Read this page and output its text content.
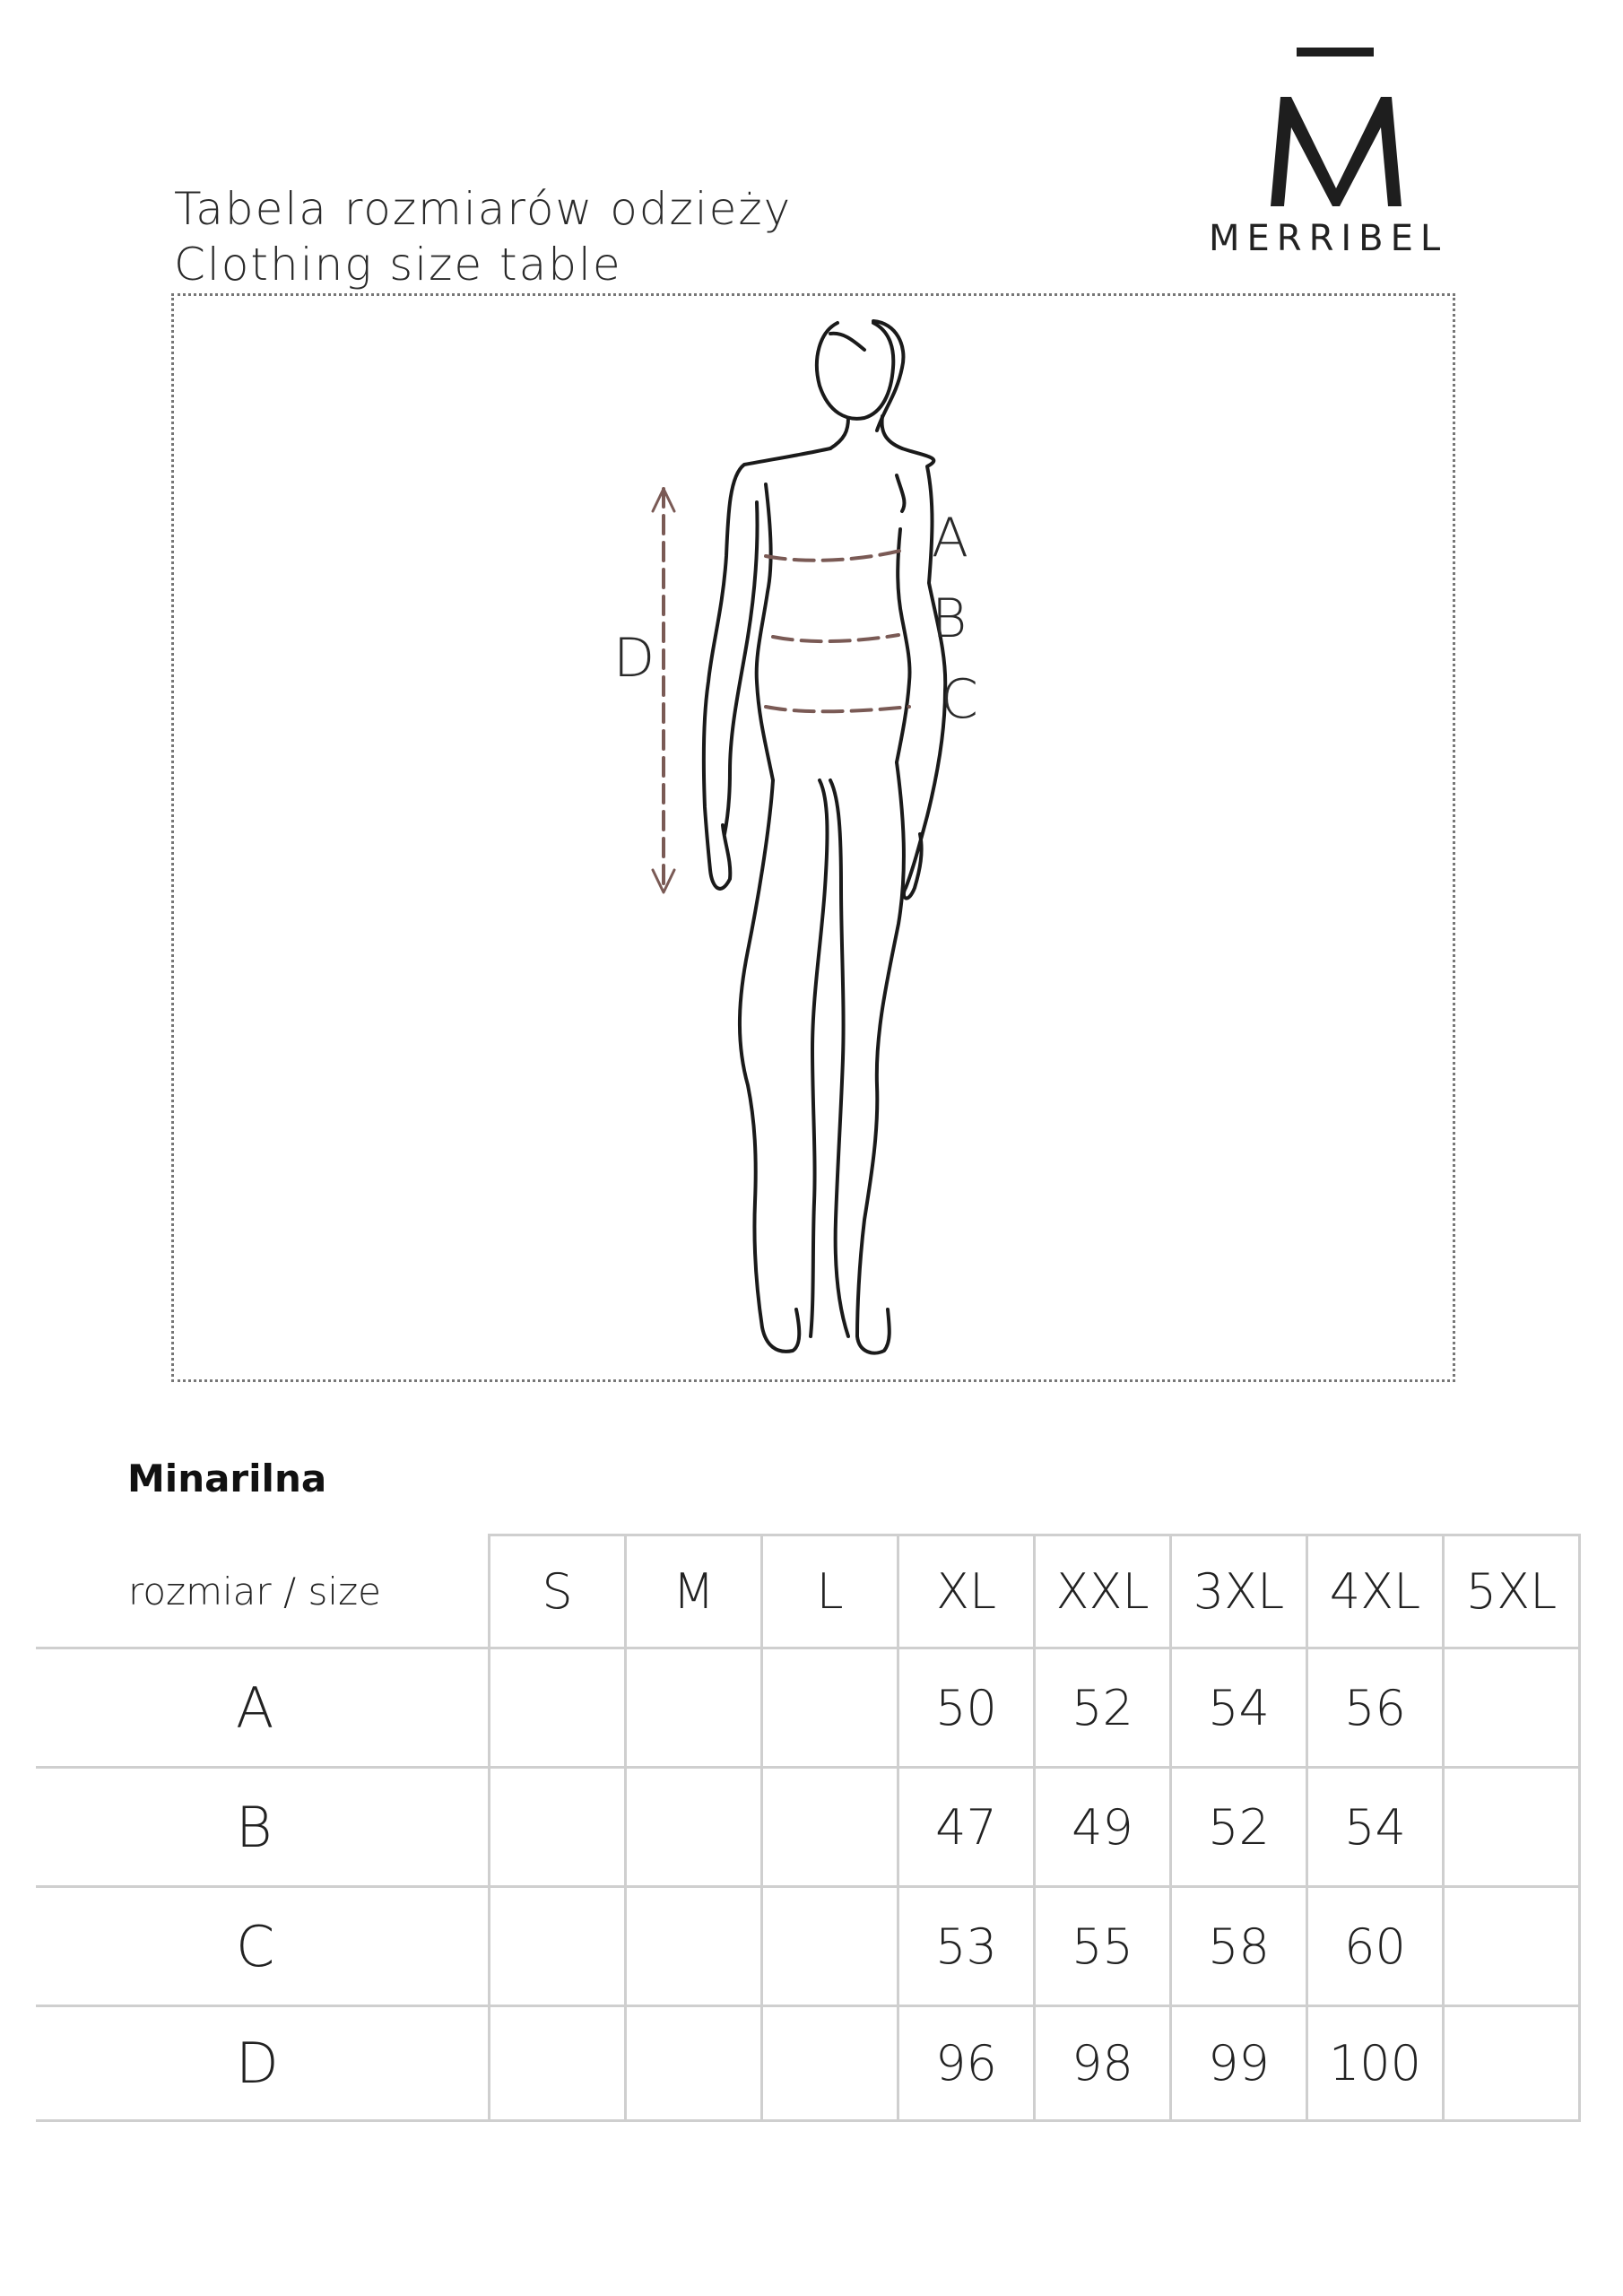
Tabela rozmiarów odzieży
Clothing size table	MERRIBEL
A
B
C
D
Minarilna
rozmiar / size	S	M	L	XL	XXL	3XL	4XL	5XL
A				50	52	54	56	
B				47	49	52	54	
C				53	55	58	60	
D				96	98	99	100	
